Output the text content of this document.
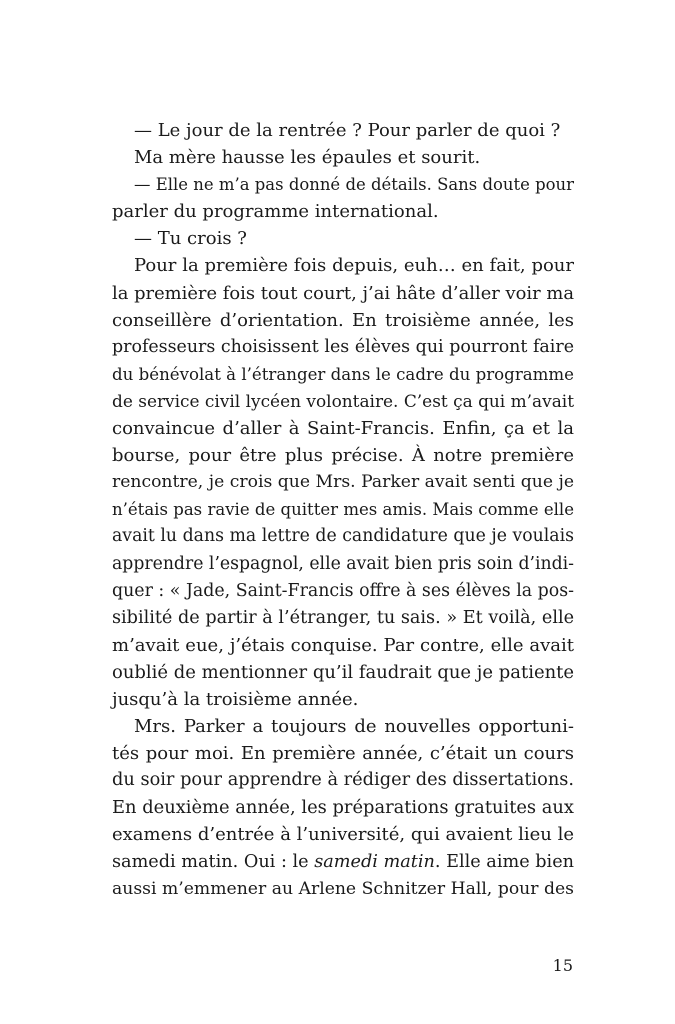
— Le jour de la rentrée ? Pour parler de quoi ?
Ma mère hausse les épaules et sourit.
— Elle ne m’a pas donné de détails. Sans doute pour
parler du programme international.
— Tu crois ?
Pour la première fois depuis, euh… en fait, pour
la première fois tout court, j’ai hâte d’aller voir ma
conseillère d’orientation. En troisième année, les
professeurs choisissent les élèves qui pourront faire
du bénévolat à l’étranger dans le cadre du programme
de service civil lycéen volontaire. C’est ça qui m’avait
convaincue d’aller à Saint-Francis. Enfin, ça et la
bourse, pour être plus précise. À notre première
rencontre, je crois que Mrs. Parker avait senti que je
n’étais pas ravie de quitter mes amis. Mais comme elle
avait lu dans ma lettre de candidature que je voulais
apprendre l’espagnol, elle avait bien pris soin d’indi-
quer : « Jade, Saint-Francis offre à ses élèves la pos-
sibilité de partir à l’étranger, tu sais. » Et voilà, elle
m’avait eue, j’étais conquise. Par contre, elle avait
oublié de mentionner qu’il faudrait que je patiente
jusqu’à la troisième année.
Mrs. Parker a toujours de nouvelles opportuni-
tés pour moi. En première année, c’était un cours
du soir pour apprendre à rédiger des dissertations.
En deuxième année, les préparations gratuites aux
examens d’entrée à l’université, qui avaient lieu le
samedi matin. Oui : le samedi matin. Elle aime bien
aussi m’emmener au Arlene Schnitzer Hall, pour des
15
